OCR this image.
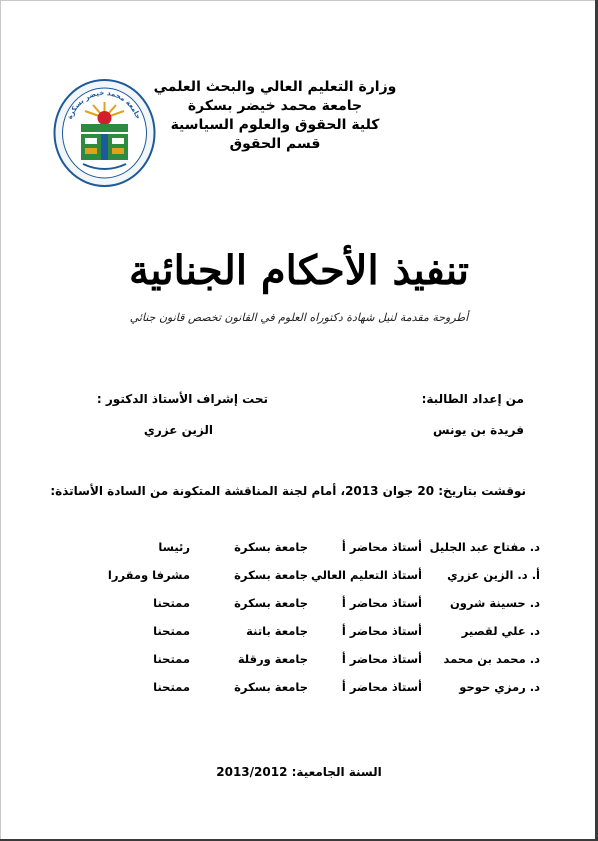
جامعة محمد خيضر بسكرة
وزارة التعليم العالي والبحث العلمي
جامعة محمد خيضر بسكرة
كلية الحقوق والعلوم السياسية
قسم الحقوق
تنفيذ الأحكام الجنائية
أطروحة مقدمة لنيل شهادة دكتوراه العلوم في القانون تخصص قانون جنائي
من إعداد الطالبة:
فريدة بن يونس
تحت إشراف الأستاذ الدكتور :
الزين عزري
نوقشت بتاريخ: 20 جوان 2013، أمام لجنة المناقشة المتكونة من السادة الأساتذة:
د. مفتاح عبد الجليل
أستاذ محاضر أ
جامعة بسكرة
رئيسا
أ. د. الزين عزري
أستاذ التعليم العالي
جامعة بسكرة
مشرفا ومقررا
د. حسينة شرون
أستاذ محاضر أ
جامعة بسكرة
ممتحنا
د. علي لقصير
أستاذ محاضر أ
جامعة باتنة
ممتحنا
د. محمد بن محمد
أستاذ محاضر أ
جامعة ورقلة
ممتحنا
د. رمزي حوحو
أستاذ محاضر أ
جامعة بسكرة
ممتحنا
السنة الجامعية: 2013/2012
